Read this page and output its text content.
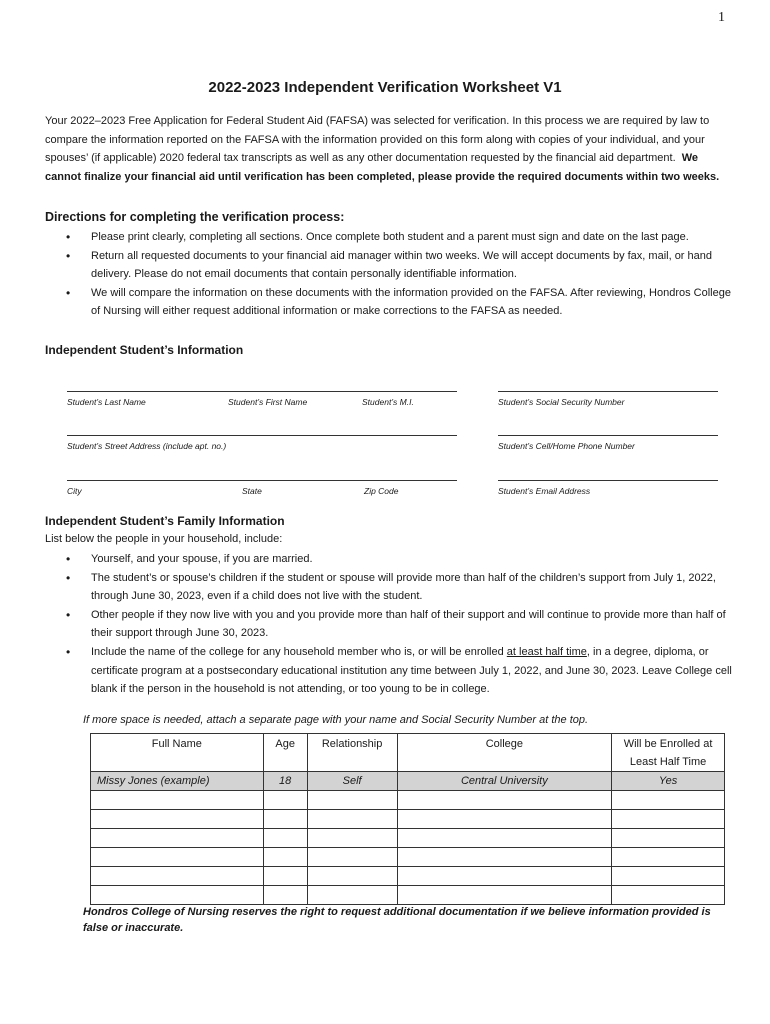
1
2022-2023 Independent Verification Worksheet V1
Your 2022–2023 Free Application for Federal Student Aid (FAFSA) was selected for verification. In this process we are required by law to compare the information reported on the FAFSA with the information provided on this form along with copies of your individual, and your spouses’ (if applicable) 2020 federal tax transcripts as well as any other documentation requested by the financial aid department. We cannot finalize your financial aid until verification has been completed, please provide the required documents within two weeks.
Directions for completing the verification process:
• Please print clearly, completing all sections. Once complete both student and a parent must sign and date on the last page.
• Return all requested documents to your financial aid manager within two weeks. We will accept documents by fax, mail, or hand delivery. Please do not email documents that contain personally identifiable information.
• We will compare the information on these documents with the information provided on the FAFSA. After reviewing, Hondros College of Nursing will either request additional information or make corrections to the FAFSA as needed.
Independent Student’s Information
Student’s Last Name	Student’s First Name	Student’s M.I.	Student’s Social Security Number
Student’s Street Address (include apt. no.)	Student’s Cell/Home Phone Number
City	State	Zip Code	Student’s Email Address
Independent Student’s Family Information
List below the people in your household, include:
• Yourself, and your spouse, if you are married.
• The student’s or spouse’s children if the student or spouse will provide more than half of the children’s support from July 1, 2022, through June 30, 2023, even if a child does not live with the student.
• Other people if they now live with you and you provide more than half of their support and will continue to provide more than half of their support through June 30, 2023.
• Include the name of the college for any household member who is, or will be enrolled at least half time, in a degree, diploma, or certificate program at a postsecondary educational institution any time between July 1, 2022, and June 30, 2023. Leave College cell blank if the person in the household is not attending, or too young to be in college.
If more space is needed, attach a separate page with your name and Social Security Number at the top.
Full Name	Age	Relationship	College	Will be Enrolled at Least Half Time
Missy Jones (example)	18	Self	Central University	Yes

Hondros College of Nursing reserves the right to request additional documentation if we believe information provided is false or inaccurate.
